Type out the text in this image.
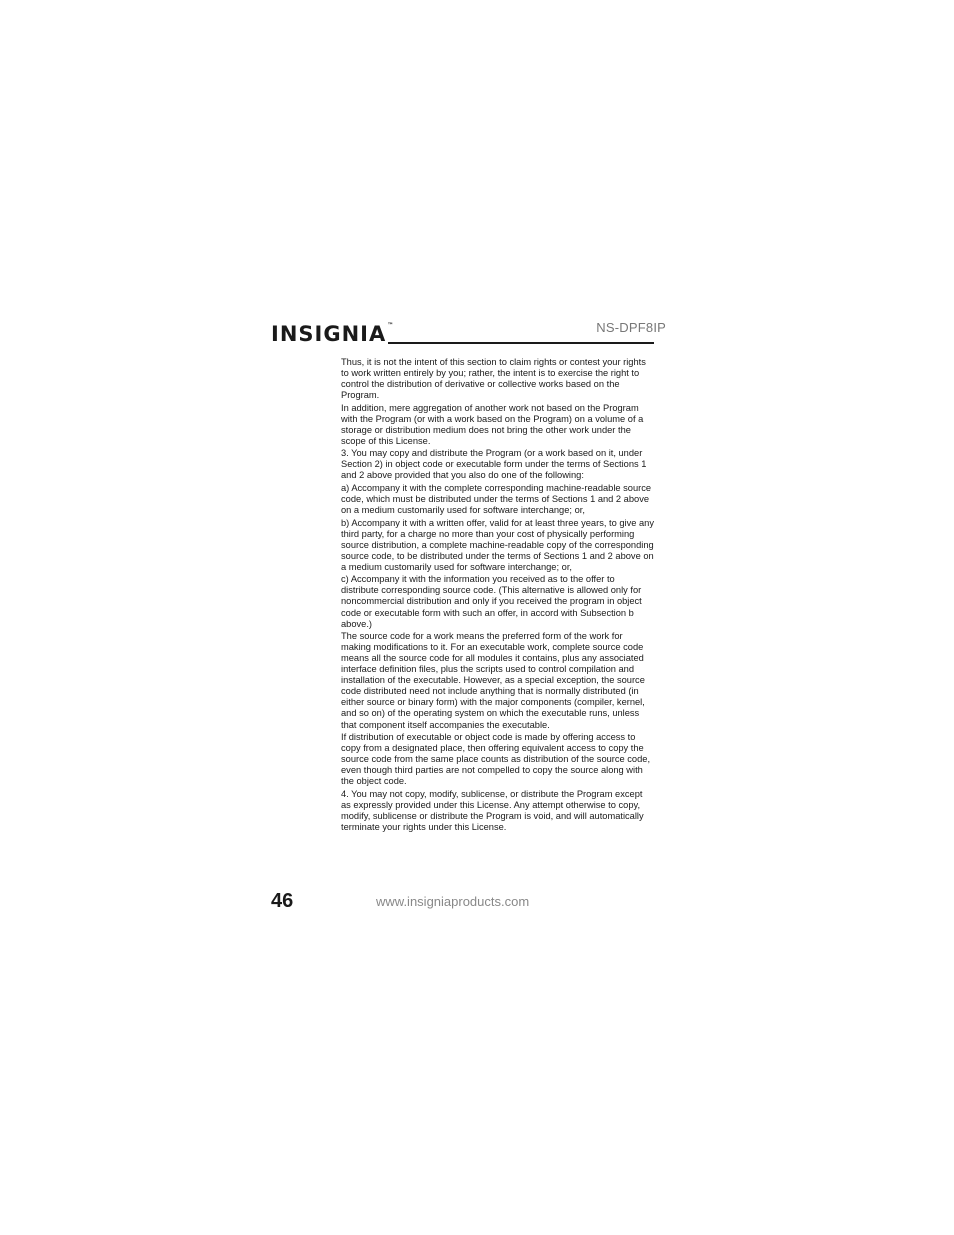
INSIGNIA™	NS-DPF8IP

Thus, it is not the intent of this section to claim rights or contest your rights to work written entirely by you; rather, the intent is to exercise the right to control the distribution of derivative or collective works based on the Program.

In addition, mere aggregation of another work not based on the Program with the Program (or with a work based on the Program) on a volume of a storage or distribution medium does not bring the other work under the scope of this License.

3. You may copy and distribute the Program (or a work based on it, under Section 2) in object code or executable form under the terms of Sections 1 and 2 above provided that you also do one of the following:

a) Accompany it with the complete corresponding machine-readable source code, which must be distributed under the terms of Sections 1 and 2 above on a medium customarily used for software interchange; or,

b) Accompany it with a written offer, valid for at least three years, to give any third party, for a charge no more than your cost of physically performing source distribution, a complete machine-readable copy of the corresponding source code, to be distributed under the terms of Sections 1 and 2 above on a medium customarily used for software interchange; or,

c) Accompany it with the information you received as to the offer to distribute corresponding source code. (This alternative is allowed only for noncommercial distribution and only if you received the program in object code or executable form with such an offer, in accord with Subsection b above.)

The source code for a work means the preferred form of the work for making modifications to it. For an executable work, complete source code means all the source code for all modules it contains, plus any associated interface definition files, plus the scripts used to control compilation and installation of the executable. However, as a special exception, the source code distributed need not include anything that is normally distributed (in either source or binary form) with the major components (compiler, kernel, and so on) of the operating system on which the executable runs, unless that component itself accompanies the executable.

If distribution of executable or object code is made by offering access to copy from a designated place, then offering equivalent access to copy the source code from the same place counts as distribution of the source code, even though third parties are not compelled to copy the source along with the object code.

4. You may not copy, modify, sublicense, or distribute the Program except as expressly provided under this License. Any attempt otherwise to copy, modify, sublicense or distribute the Program is void, and will automatically terminate your rights under this License.

46	www.insigniaproducts.com
